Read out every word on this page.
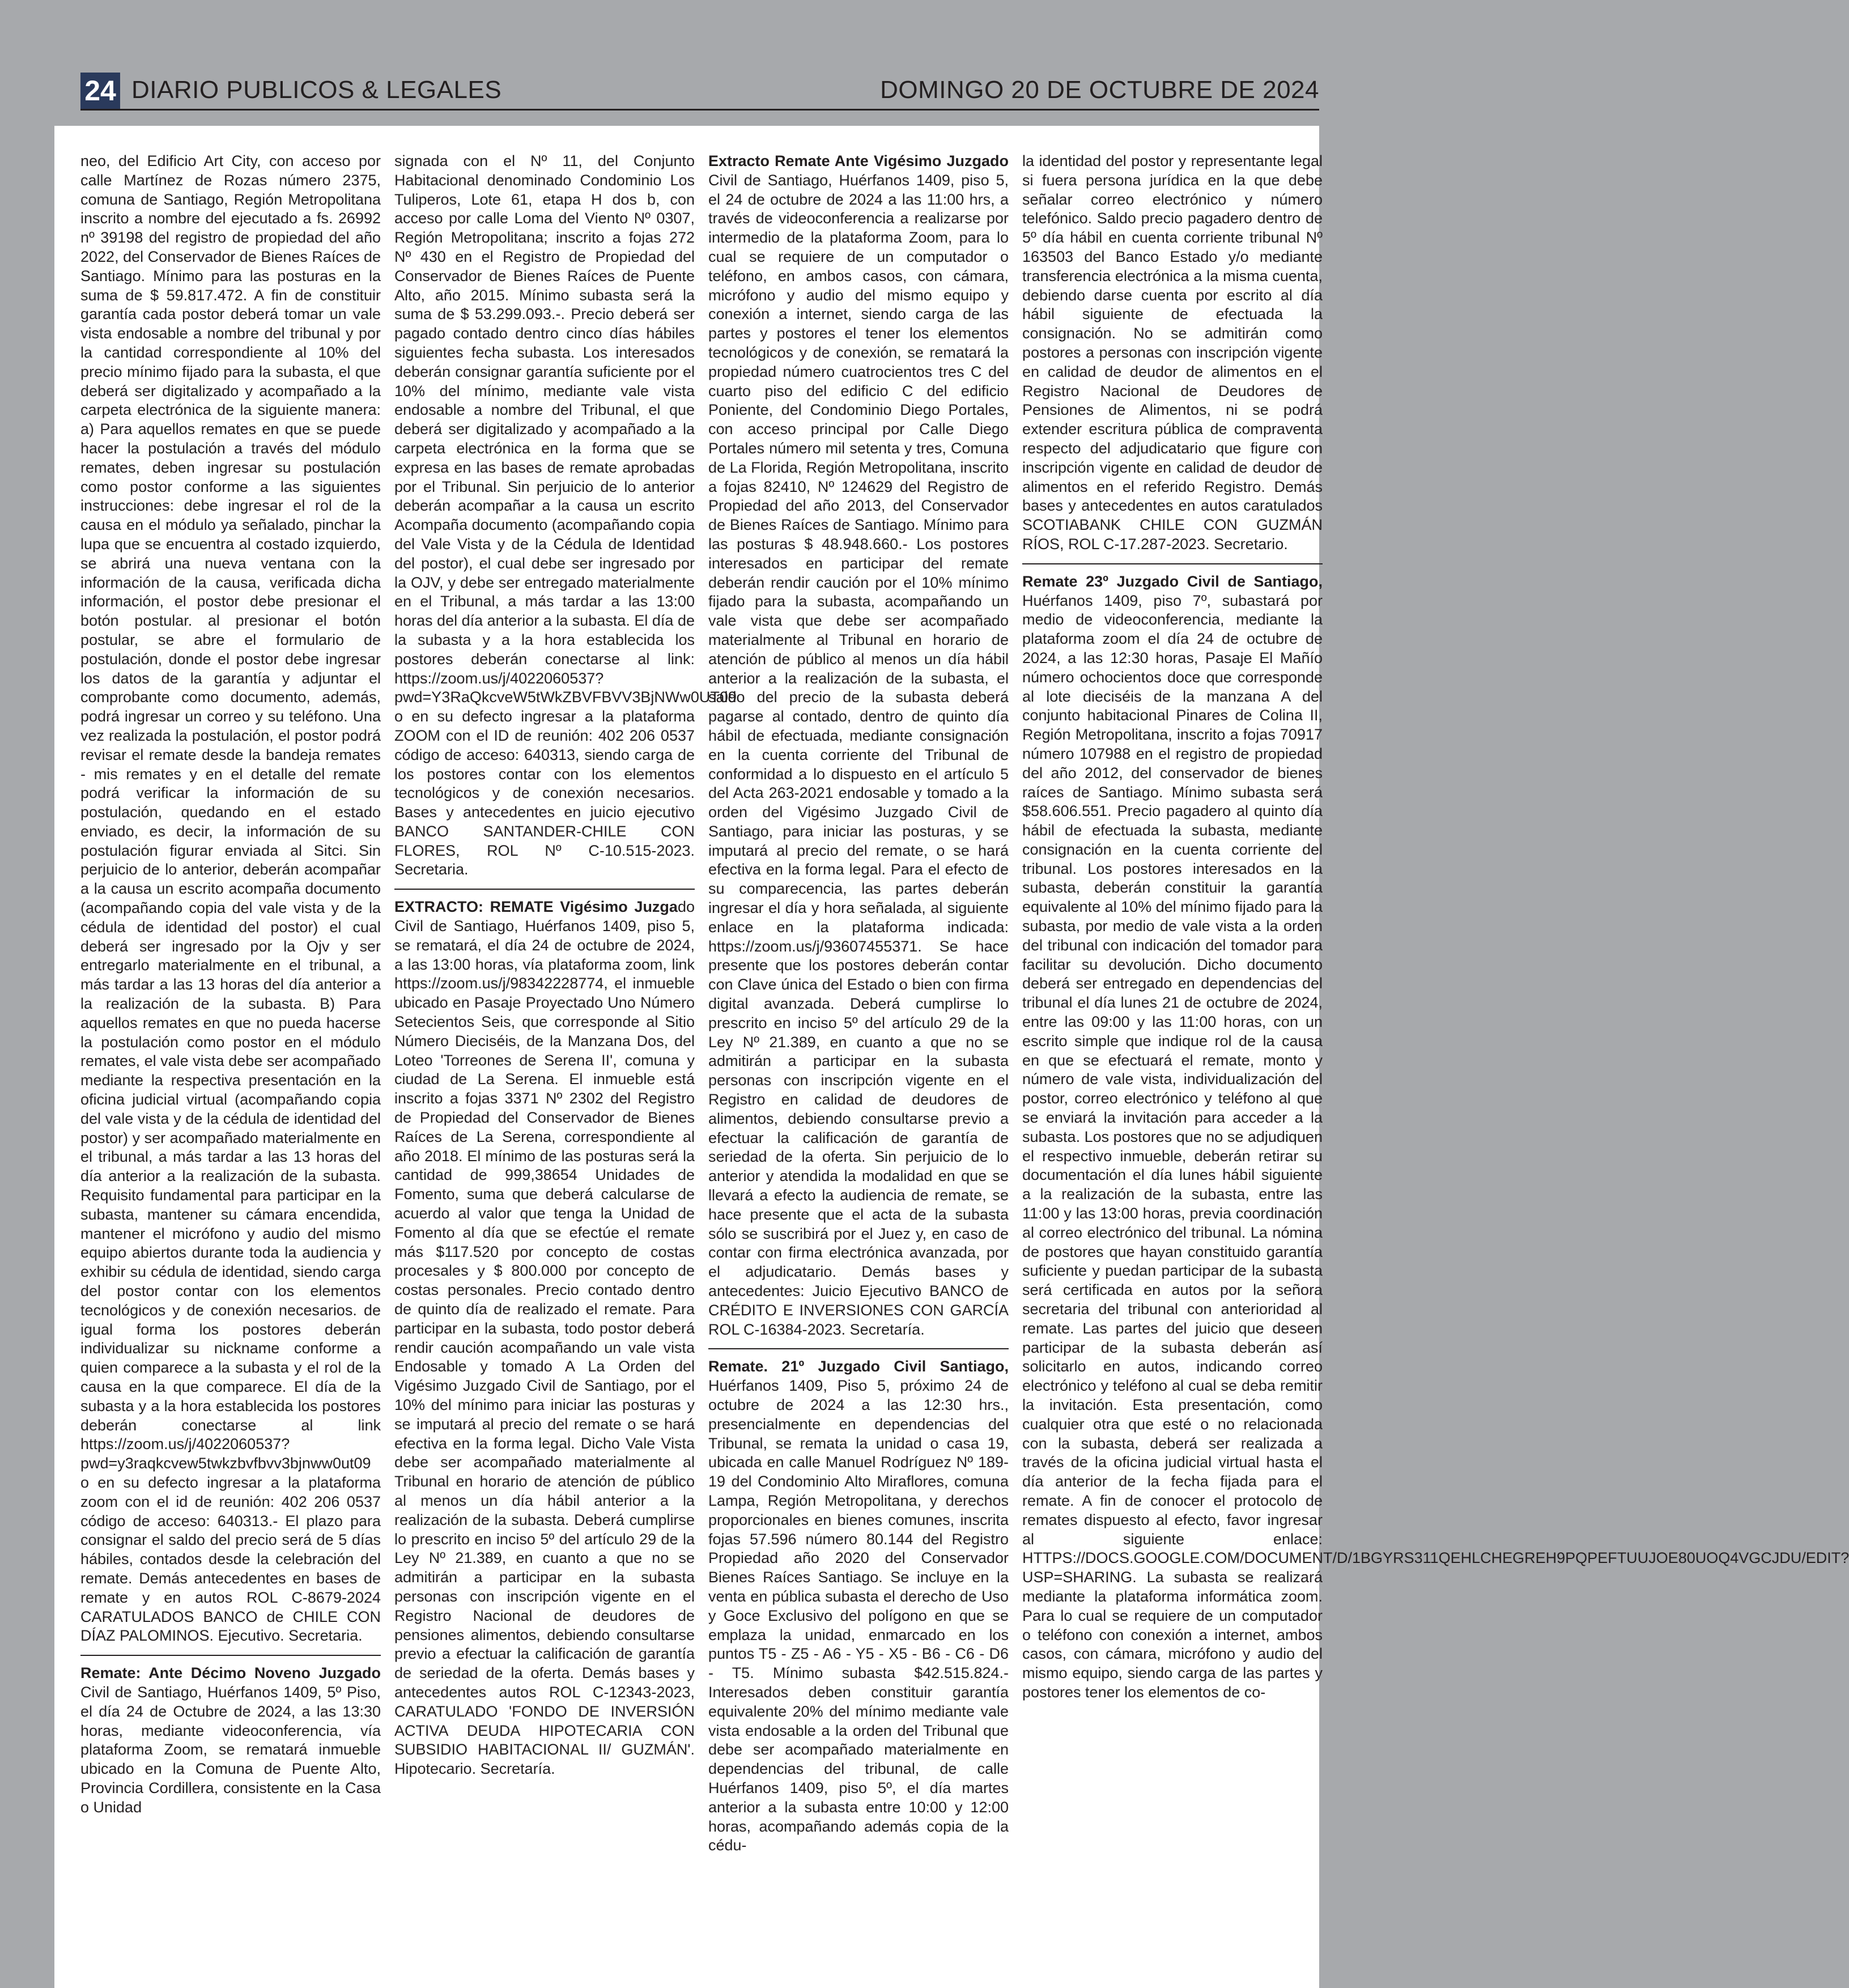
24 DIARIO PUBLICOS & LEGALES	DOMINGO 20 DE OCTUBRE DE 2024

neo, del Edificio Art City, con acceso por calle Martínez de Rozas número 2375, comuna de Santiago, Región Metropolitana inscrito a nombre del ejecutado a fs. 26992 nº 39198 del registro de propiedad del año 2022, del Conservador de Bienes Raíces de Santiago. Mínimo para las posturas en la suma de $ 59.817.472. A fin de constituir garantía cada postor deberá tomar un vale vista endosable a nombre del tribunal y por la cantidad correspondiente al 10% del precio mínimo fijado para la subasta, el que deberá ser digitalizado y acompañado a la carpeta electrónica de la siguiente manera: a) Para aquellos remates en que se puede hacer la postulación a través del módulo remates, deben ingresar su postulación como postor conforme a las siguientes instrucciones: debe ingresar el rol de la causa en el módulo ya señalado, pinchar la lupa que se encuentra al costado izquierdo, se abrirá una nueva ventana con la información de la causa, verificada dicha información, el postor debe presionar el botón postular. al presionar el botón postular, se abre el formulario de postulación, donde el postor debe ingresar los datos de la garantía y adjuntar el comprobante como documento, además, podrá ingresar un correo y su teléfono. Una vez realizada la postulación, el postor podrá revisar el remate desde la bandeja remates - mis remates y en el detalle del remate podrá verificar la información de su postulación, quedando en el estado enviado, es decir, la información de su postulación figurar enviada al Sitci. Sin perjuicio de lo anterior, deberán acompañar a la causa un escrito acompaña documento (acompañando copia del vale vista y de la cédula de identidad del postor) el cual deberá ser ingresado por la Ojv y ser entregarlo materialmente en el tribunal, a más tardar a las 13 horas del día anterior a la realización de la subasta. B) Para aquellos remates en que no pueda hacerse la postulación como postor en el módulo remates, el vale vista debe ser acompañado mediante la respectiva presentación en la oficina judicial virtual (acompañando copia del vale vista y de la cédula de identidad del postor) y ser acompañado materialmente en el tribunal, a más tardar a las 13 horas del día anterior a la realización de la subasta. Requisito fundamental para participar en la subasta, mantener su cámara encendida, mantener el micrófono y audio del mismo equipo abiertos durante toda la audiencia y exhibir su cédula de identidad, siendo carga del postor contar con los elementos tecnológicos y de conexión necesarios. de igual forma los postores deberán individualizar su nickname conforme a quien comparece a la subasta y el rol de la causa en la que comparece. El día de la subasta y a la hora establecida los postores deberán conectarse al link https://zoom.us/j/4022060537?pwd=y3raqkcvew5twkzbvfbvv3bjnww0ut09 o en su defecto ingresar a la plataforma zoom con el id de reunión: 402 206 0537 código de acceso: 640313.- El plazo para consignar el saldo del precio será de 5 días hábiles, contados desde la celebración del remate. Demás antecedentes en bases de remate y en autos ROL C-8679-2024 CARATULADOS BANCO de CHILE CON DÍAZ PALOMINOS. Ejecutivo. Secretaria.

Remate: Ante Décimo Noveno Juzgado Civil de Santiago, Huérfanos 1409, 5º Piso, el día 24 de Octubre de 2024, a las 13:30 horas, mediante videoconferencia, vía plataforma Zoom, se rematará inmueble ubicado en la Comuna de Puente Alto, Provincia Cordillera, consistente en la Casa o Unidad

signada con el Nº 11, del Conjunto Habitacional denominado Condominio Los Tuliperos, Lote 61, etapa H dos b, con acceso por calle Loma del Viento Nº 0307, Región Metropolitana; inscrito a fojas 272 Nº 430 en el Registro de Propiedad del Conservador de Bienes Raíces de Puente Alto, año 2015. Mínimo subasta será la suma de $ 53.299.093.-. Precio deberá ser pagado contado dentro cinco días hábiles siguientes fecha subasta. Los interesados deberán consignar garantía suficiente por el 10% del mínimo, mediante vale vista endosable a nombre del Tribunal, el que deberá ser digitalizado y acompañado a la carpeta electrónica en la forma que se expresa en las bases de remate aprobadas por el Tribunal. Sin perjuicio de lo anterior deberán acompañar a la causa un escrito Acompaña documento (acompañando copia del Vale Vista y de la Cédula de Identidad del postor), el cual debe ser ingresado por la OJV, y debe ser entregado materialmente en el Tribunal, a más tardar a las 13:00 horas del día anterior a la subasta. El día de la subasta y a la hora establecida los postores deberán conectarse al link: https://zoom.us/j/4022060537?pwd=Y3RaQkcveW5tWkZBVFBVV3BjNWw0UT09 o en su defecto ingresar a la plataforma ZOOM con el ID de reunión: 402 206 0537 código de acceso: 640313, siendo carga de los postores contar con los elementos tecnológicos y de conexión necesarios. Bases y antecedentes en juicio ejecutivo BANCO SANTANDER-CHILE CON FLORES, ROL Nº C-10.515-2023. Secretaria.

EXTRACTO: REMATE Vigésimo Juzgado Civil de Santiago, Huérfanos 1409, piso 5, se rematará, el día 24 de octubre de 2024, a las 13:00 horas, vía plataforma zoom, link https://zoom.us/j/98342228774, el inmueble ubicado en Pasaje Proyectado Uno Número Setecientos Seis, que corresponde al Sitio Número Dieciséis, de la Manzana Dos, del Loteo 'Torreones de Serena II', comuna y ciudad de La Serena. El inmueble está inscrito a fojas 3371 Nº 2302 del Registro de Propiedad del Conservador de Bienes Raíces de La Serena, correspondiente al año 2018. El mínimo de las posturas será la cantidad de 999,38654 Unidades de Fomento, suma que deberá calcularse de acuerdo al valor que tenga la Unidad de Fomento al día que se efectúe el remate más $117.520 por concepto de costas procesales y $ 800.000 por concepto de costas personales. Precio contado dentro de quinto día de realizado el remate. Para participar en la subasta, todo postor deberá rendir caución acompañando un vale vista Endosable y tomado A La Orden del Vigésimo Juzgado Civil de Santiago, por el 10% del mínimo para iniciar las posturas y se imputará al precio del remate o se hará efectiva en la forma legal. Dicho Vale Vista debe ser acompañado materialmente al Tribunal en horario de atención de público al menos un día hábil anterior a la realización de la subasta. Deberá cumplirse lo prescrito en inciso 5º del artículo 29 de la Ley Nº 21.389, en cuanto a que no se admitirán a participar en la subasta personas con inscripción vigente en el Registro Nacional de deudores de pensiones alimentos, debiendo consultarse previo a efectuar la calificación de garantía de seriedad de la oferta. Demás bases y antecedentes autos ROL C-12343-2023, CARATULADO 'FONDO DE INVERSIÓN ACTIVA DEUDA HIPOTECARIA CON SUBSIDIO HABITACIONAL II/ GUZMÁN'. Hipotecario. Secretaría.

Extracto Remate Ante Vigésimo Juzgado Civil de Santiago, Huérfanos 1409, piso 5, el 24 de octubre de 2024 a las 11:00 hrs, a través de videoconferencia a realizarse por intermedio de la plataforma Zoom, para lo cual se requiere de un computador o teléfono, en ambos casos, con cámara, micrófono y audio del mismo equipo y conexión a internet, siendo carga de las partes y postores el tener los elementos tecnológicos y de conexión, se rematará la propiedad número cuatrocientos tres C del cuarto piso del edificio C del edificio Poniente, del Condominio Diego Portales, con acceso principal por Calle Diego Portales número mil setenta y tres, Comuna de La Florida, Región Metropolitana, inscrito a fojas 82410, Nº 124629 del Registro de Propiedad del año 2013, del Conservador de Bienes Raíces de Santiago. Mínimo para las posturas $ 48.948.660.- Los postores interesados en participar del remate deberán rendir caución por el 10% mínimo fijado para la subasta, acompañando un vale vista que debe ser acompañado materialmente al Tribunal en horario de atención de público al menos un día hábil anterior a la realización de la subasta, el saldo del precio de la subasta deberá pagarse al contado, dentro de quinto día hábil de efectuada, mediante consignación en la cuenta corriente del Tribunal de conformidad a lo dispuesto en el artículo 5 del Acta 263-2021 endosable y tomado a la orden del Vigésimo Juzgado Civil de Santiago, para iniciar las posturas, y se imputará al precio del remate, o se hará efectiva en la forma legal. Para el efecto de su comparecencia, las partes deberán ingresar el día y hora señalada, al siguiente enlace en la plataforma indicada: https://zoom.us/j/93607455371. Se hace presente que los postores deberán contar con Clave única del Estado o bien con firma digital avanzada. Deberá cumplirse lo prescrito en inciso 5º del artículo 29 de la Ley Nº 21.389, en cuanto a que no se admitirán a participar en la subasta personas con inscripción vigente en el Registro en calidad de deudores de alimentos, debiendo consultarse previo a efectuar la calificación de garantía de seriedad de la oferta. Sin perjuicio de lo anterior y atendida la modalidad en que se llevará a efecto la audiencia de remate, se hace presente que el acta de la subasta sólo se suscribirá por el Juez y, en caso de contar con firma electrónica avanzada, por el adjudicatario. Demás bases y antecedentes: Juicio Ejecutivo BANCO de CRÉDITO E INVERSIONES CON GARCÍA ROL C-16384-2023. Secretaría.

Remate. 21º Juzgado Civil Santiago, Huérfanos 1409, Piso 5, próximo 24 de octubre de 2024 a las 12:30 hrs., presencialmente en dependencias del Tribunal, se remata la unidad o casa 19, ubicada en calle Manuel Rodríguez Nº 189-19 del Condominio Alto Miraflores, comuna Lampa, Región Metropolitana, y derechos proporcionales en bienes comunes, inscrita fojas 57.596 número 80.144 del Registro Propiedad año 2020 del Conservador Bienes Raíces Santiago. Se incluye en la venta en pública subasta el derecho de Uso y Goce Exclusivo del polígono en que se emplaza la unidad, enmarcado en los puntos T5 - Z5 - A6 - Y5 - X5 - B6 - C6 - D6 - T5. Mínimo subasta $42.515.824.- Interesados deben constituir garantía equivalente 20% del mínimo mediante vale vista endosable a la orden del Tribunal que debe ser acompañado materialmente en dependencias del tribunal, de calle Huérfanos 1409, piso 5º, el día martes anterior a la subasta entre 10:00 y 12:00 horas, acompañando además copia de la cédu-

la identidad del postor y representante legal si fuera persona jurídica en la que debe señalar correo electrónico y número telefónico. Saldo precio pagadero dentro de 5º día hábil en cuenta corriente tribunal Nº 163503 del Banco Estado y/o mediante transferencia electrónica a la misma cuenta, debiendo darse cuenta por escrito al día hábil siguiente de efectuada la consignación. No se admitirán como postores a personas con inscripción vigente en calidad de deudor de alimentos en el Registro Nacional de Deudores de Pensiones de Alimentos, ni se podrá extender escritura pública de compraventa respecto del adjudicatario que figure con inscripción vigente en calidad de deudor de alimentos en el referido Registro. Demás bases y antecedentes en autos caratulados SCOTIABANK CHILE CON GUZMÁN RÍOS, ROL C-17.287-2023. Secretario.

Remate 23º Juzgado Civil de Santiago, Huérfanos 1409, piso 7º, subastará por medio de videoconferencia, mediante la plataforma zoom el día 24 de octubre de 2024, a las 12:30 horas, Pasaje El Mañío número ochocientos doce que corresponde al lote dieciséis de la manzana A del conjunto habitacional Pinares de Colina II, Región Metropolitana, inscrito a fojas 70917 número 107988 en el registro de propiedad del año 2012, del conservador de bienes raíces de Santiago. Mínimo subasta será $58.606.551. Precio pagadero al quinto día hábil de efectuada la subasta, mediante consignación en la cuenta corriente del tribunal. Los postores interesados en la subasta, deberán constituir la garantía equivalente al 10% del mínimo fijado para la subasta, por medio de vale vista a la orden del tribunal con indicación del tomador para facilitar su devolución. Dicho documento deberá ser entregado en dependencias del tribunal el día lunes 21 de octubre de 2024, entre las 09:00 y las 11:00 horas, con un escrito simple que indique rol de la causa en que se efectuará el remate, monto y número de vale vista, individualización del postor, correo electrónico y teléfono al que se enviará la invitación para acceder a la subasta. Los postores que no se adjudiquen el respectivo inmueble, deberán retirar su documentación el día lunes hábil siguiente a la realización de la subasta, entre las 11:00 y las 13:00 horas, previa coordinación al correo electrónico del tribunal. La nómina de postores que hayan constituido garantía suficiente y puedan participar de la subasta será certificada en autos por la señora secretaria del tribunal con anterioridad al remate. Las partes del juicio que deseen participar de la subasta deberán así solicitarlo en autos, indicando correo electrónico y teléfono al cual se deba remitir la invitación. Esta presentación, como cualquier otra que esté o no relacionada con la subasta, deberá ser realizada a través de la oficina judicial virtual hasta el día anterior de la fecha fijada para el remate. A fin de conocer el protocolo de remates dispuesto al efecto, favor ingresar al siguiente enlace: HTTPS://DOCS.GOOGLE.COM/DOCUMENT/D/1BGYRS311QEHLCHEGREH9PQPEFTUUJOE80UOQ4VGCJDU/EDIT?USP=SHARING. La subasta se realizará mediante la plataforma informática zoom. Para lo cual se requiere de un computador o teléfono con conexión a internet, ambos casos, con cámara, micrófono y audio del mismo equipo, siendo carga de las partes y postores tener los elementos de co-
